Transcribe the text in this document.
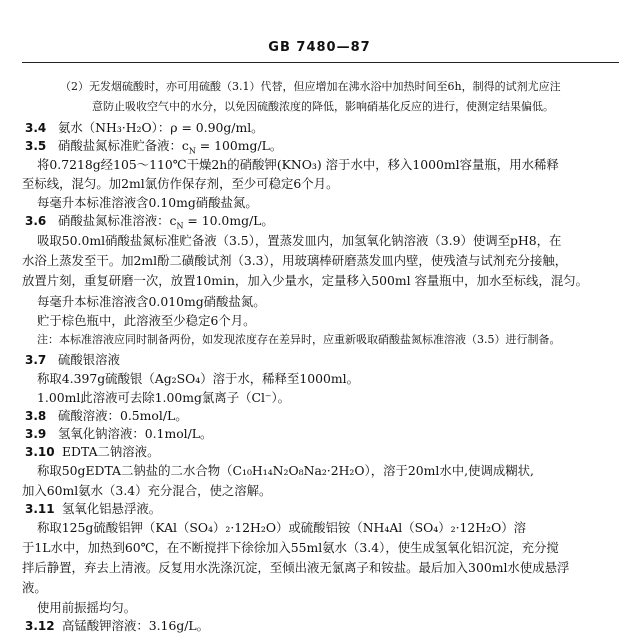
GB 7480—87
（2）无发烟硫酸时，亦可用硫酸（3.1）代替，但应增加在沸水浴中加热时间至6h，制得的试剂尤应注
意防止吸收空气中的水分，以免因硫酸浓度的降低，影响硝基化反应的进行，使测定结果偏低。
3.4 氨水（NH₃·H₂O）：ρ = 0.90g/ml。
3.5 硝酸盐氮标准贮备液：$c_N = 100mg/L$。
将0.7218g经105～110℃干燥2h的硝酸钾(KNO₃) 溶于水中，移入1000ml容量瓶，用水稀释
至标线，混匀。加2ml氯仿作保存剂，至少可稳定6个月。
每毫升本标准溶液含0.10mg硝酸盐氮。
3.6 硝酸盐氮标准溶液：$c_N = 10.0mg/L$。
吸取50.0ml硝酸盐氮标准贮备液（3.5），置蒸发皿内，加氢氧化钠溶液（3.9）使调至pH8，在
水浴上蒸发至干。加2ml酚二磺酸试剂（3.3），用玻璃棒研磨蒸发皿内壁，使残渣与试剂充分接触，
放置片刻，重复研磨一次，放置10min，加入少量水，定量移入500ml 容量瓶中，加水至标线，混匀。
每毫升本标准溶液含0.010mg硝酸盐氮。
贮于棕色瓶中，此溶液至少稳定6个月。
注：本标准溶液应同时制备两份，如发现浓度存在差异时，应重新吸取硝酸盐氮标准溶液（3.5）进行制备。
3.7 硫酸银溶液
称取4.397g硫酸银（Ag₂SO₄）溶于水，稀释至1000ml。
1.00ml此溶液可去除1.00mg氯离子（Cl⁻）。
3.8 硫酸溶液：0.5mol/L。
3.9 氢氧化钠溶液：0.1mol/L。
3.10 EDTA二钠溶液。
称取50gEDTA二钠盐的二水合物（C₁₀H₁₄N₂O₈Na₂·2H₂O），溶于20ml水中,使调成糊状,
加入60ml氨水（3.4）充分混合，使之溶解。
3.11 氢氧化铝悬浮液。
称取125g硫酸铝钾（KAl（SO₄）₂·12H₂O）或硫酸铝铵（NH₄Al（SO₄）₂·12H₂O）溶
于1L水中，加热到60℃，在不断搅拌下徐徐加入55ml氨水（3.4），使生成氢氧化铝沉淀，充分搅
拌后静置，弃去上清液。反复用水洗涤沉淀，至倾出液无氯离子和铵盐。最后加入300ml水使成悬浮
液。
使用前振摇均匀。
3.12 高锰酸钾溶液：3.16g/L。
